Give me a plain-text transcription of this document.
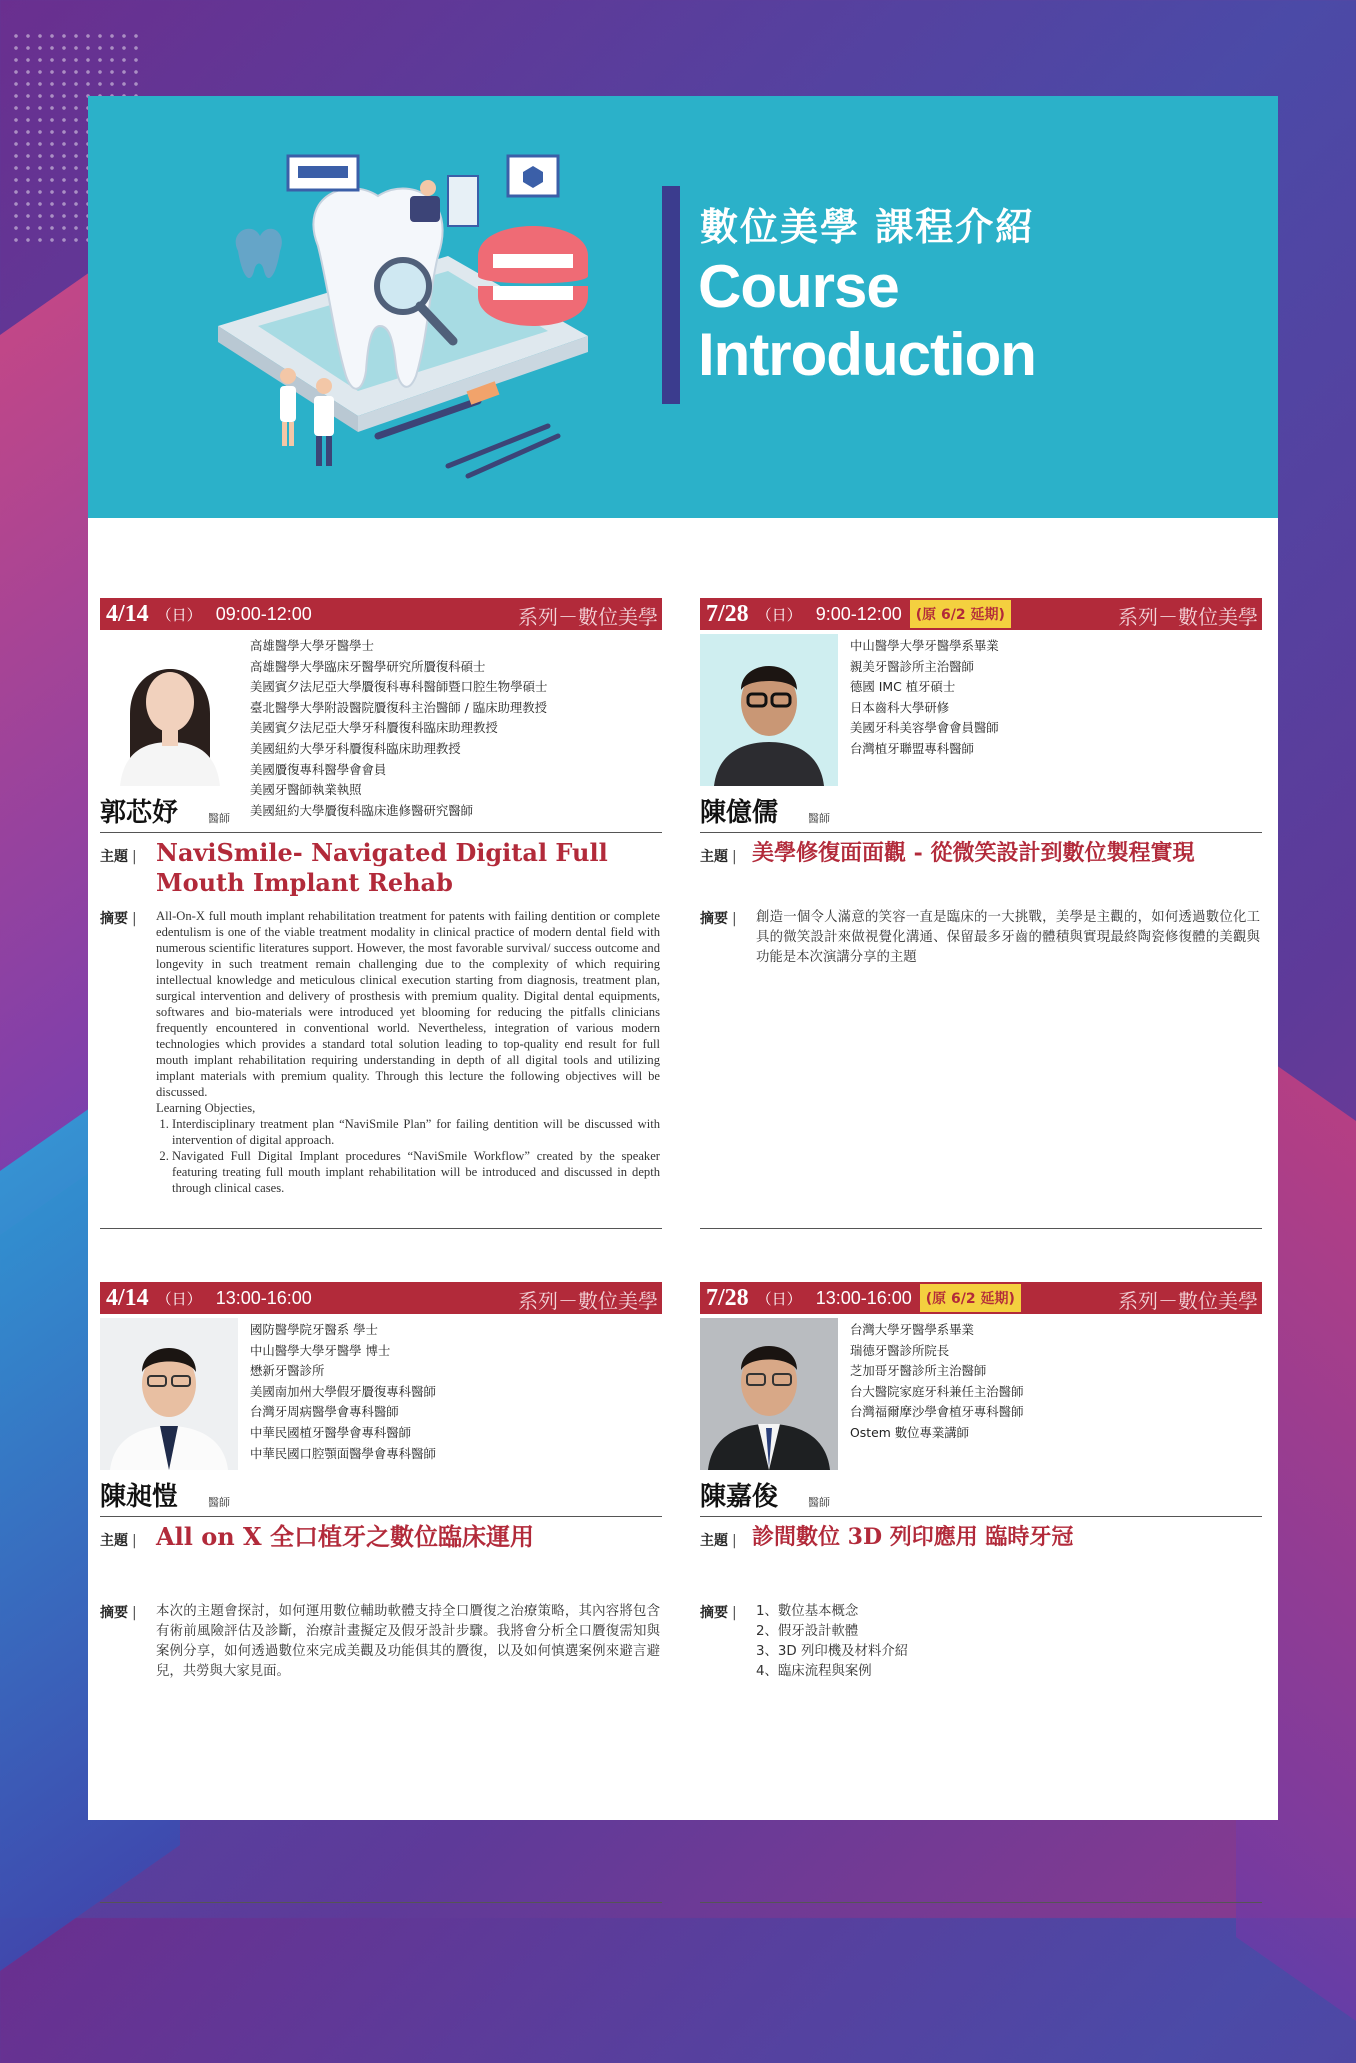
數位美學 課程介紹
Course
Introduction
4/14 （日） 09:00-12:00	系列－數位美學
高雄醫學大學牙醫學士
高雄醫學大學臨床牙醫學研究所贗復科碩士
美國賓夕法尼亞大學贗復科專科醫師暨口腔生物學碩士
臺北醫學大學附設醫院贗復科主治醫師 / 臨床助理教授
美國賓夕法尼亞大學牙科贗復科臨床助理教授
美國紐約大學牙科贗復科臨床助理教授
美國贗復專科醫學會會員
美國牙醫師執業執照
美國紐約大學贗復科臨床進修醫研究醫師
郭芯妤	醫師
主題 | NaviSmile- Navigated Digital Full Mouth Implant Rehab
摘要 | All-On-X full mouth implant rehabilitation treatment for patents with failing dentition or complete edentulism is one of the viable treatment modality in clinical practice of modern dental field with numerous scientific literatures support. However, the most favorable survival/ success outcome and longevity in such treatment remain challenging due to the complexity of which requiring intellectual knowledge and meticulous clinical execution starting from diagnosis, treatment plan, surgical intervention and delivery of prosthesis with premium quality. Digital dental equipments, softwares and bio-materials were introduced yet blooming for reducing the pitfalls clinicians frequently encountered in conventional world. Nevertheless, integration of various modern technologies which provides a standard total solution leading to top-quality end result for full mouth implant rehabilitation requiring understanding in depth of all digital tools and utilizing implant materials with premium quality. Through this lecture the following objectives will be discussed.
Learning Objecties,
1. Interdisciplinary treatment plan “NaviSmile Plan” for failing dentition will be discussed with intervention of digital approach.
2. Navigated Full Digital Implant procedures “NaviSmile Workflow” created by the speaker featuring treating full mouth implant rehabilitation will be introduced and discussed in depth through clinical cases.
7/28 （日） 9:00-12:00	(原 6/2 延期)	系列－數位美學
中山醫學大學牙醫學系畢業
親美牙醫診所主治醫師
德國 IMC 植牙碩士
日本齒科大學研修
美國牙科美容學會會員醫師
台灣植牙聯盟專科醫師
陳億儒	醫師
主題 | 美學修復面面觀 - 從微笑設計到數位製程實現
摘要 | 創造一個令人滿意的笑容一直是臨床的一大挑戰，美學是主觀的，如何透過數位化工具的微笑設計來做視覺化溝通、保留最多牙齒的體積與實現最終陶瓷修復體的美觀與功能是本次演講分享的主題
4/14 （日） 13:00-16:00	系列－數位美學
國防醫學院牙醫系 學士
中山醫學大學牙醫學 博士
懋新牙醫診所
美國南加州大學假牙贗復專科醫師
台灣牙周病醫學會專科醫師
中華民國植牙醫學會專科醫師
中華民國口腔顎面醫學會專科醫師
陳昶愷	醫師
主題 | All on X 全口植牙之數位臨床運用
摘要 | 本次的主題會探討，如何運用數位輔助軟體支持全口贗復之治療策略，其內容將包含有術前風險評估及診斷，治療計畫擬定及假牙設計步驟。我將會分析全口贗復需知與案例分享，如何透過數位來完成美觀及功能俱其的贗復，以及如何慎選案例來避言避兒，共勞與大家見面。
7/28 （日） 13:00-16:00	(原 6/2 延期)	系列－數位美學
台灣大學牙醫學系畢業
瑞德牙醫診所院長
芝加哥牙醫診所主治醫師
台大醫院家庭牙科兼任主治醫師
台灣福爾摩沙學會植牙專科醫師
Ostem 數位專業講師
陳嘉俊	醫師
主題 | 診間數位 3D 列印應用 臨時牙冠
摘要 | 1、數位基本概念
2、假牙設計軟體
3、3D 列印機及材料介紹
4、臨床流程與案例
